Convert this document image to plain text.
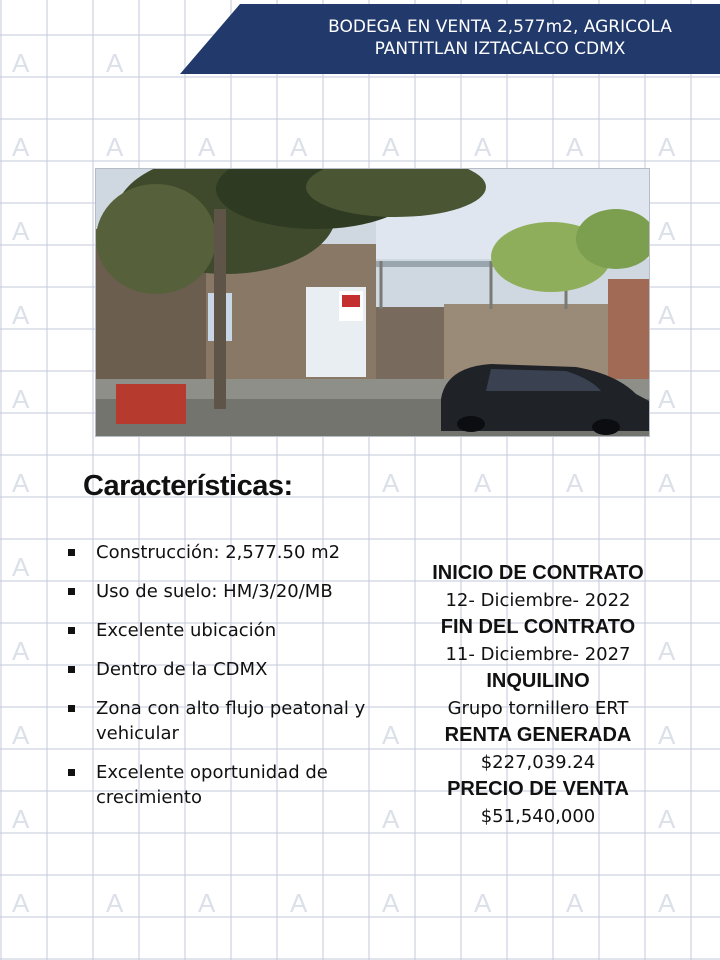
A	A
A	A	A	A	A	A	A	A
A
A
A
A
A
A
A	A	A	A	A
A
A
A
A	A	A
A	A	A
A	A	A	A	A	A	A	A
BODEGA EN VENTA 2,577m2, AGRICOLA
PANTITLAN IZTACALCO CDMX
Características:
Construcción: 2,577.50 m2
Uso de suelo: HM/3/20/MB
Excelente ubicación
Dentro de la CDMX
Zona con alto flujo peatonal y vehicular
Excelente oportunidad de crecimiento
INICIO DE CONTRATO
12- Diciembre- 2022
FIN DEL CONTRATO
11- Diciembre- 2027
INQUILINO
Grupo tornillero ERT
RENTA GENERADA
$227,039.24
PRECIO DE VENTA
$51,540,000
